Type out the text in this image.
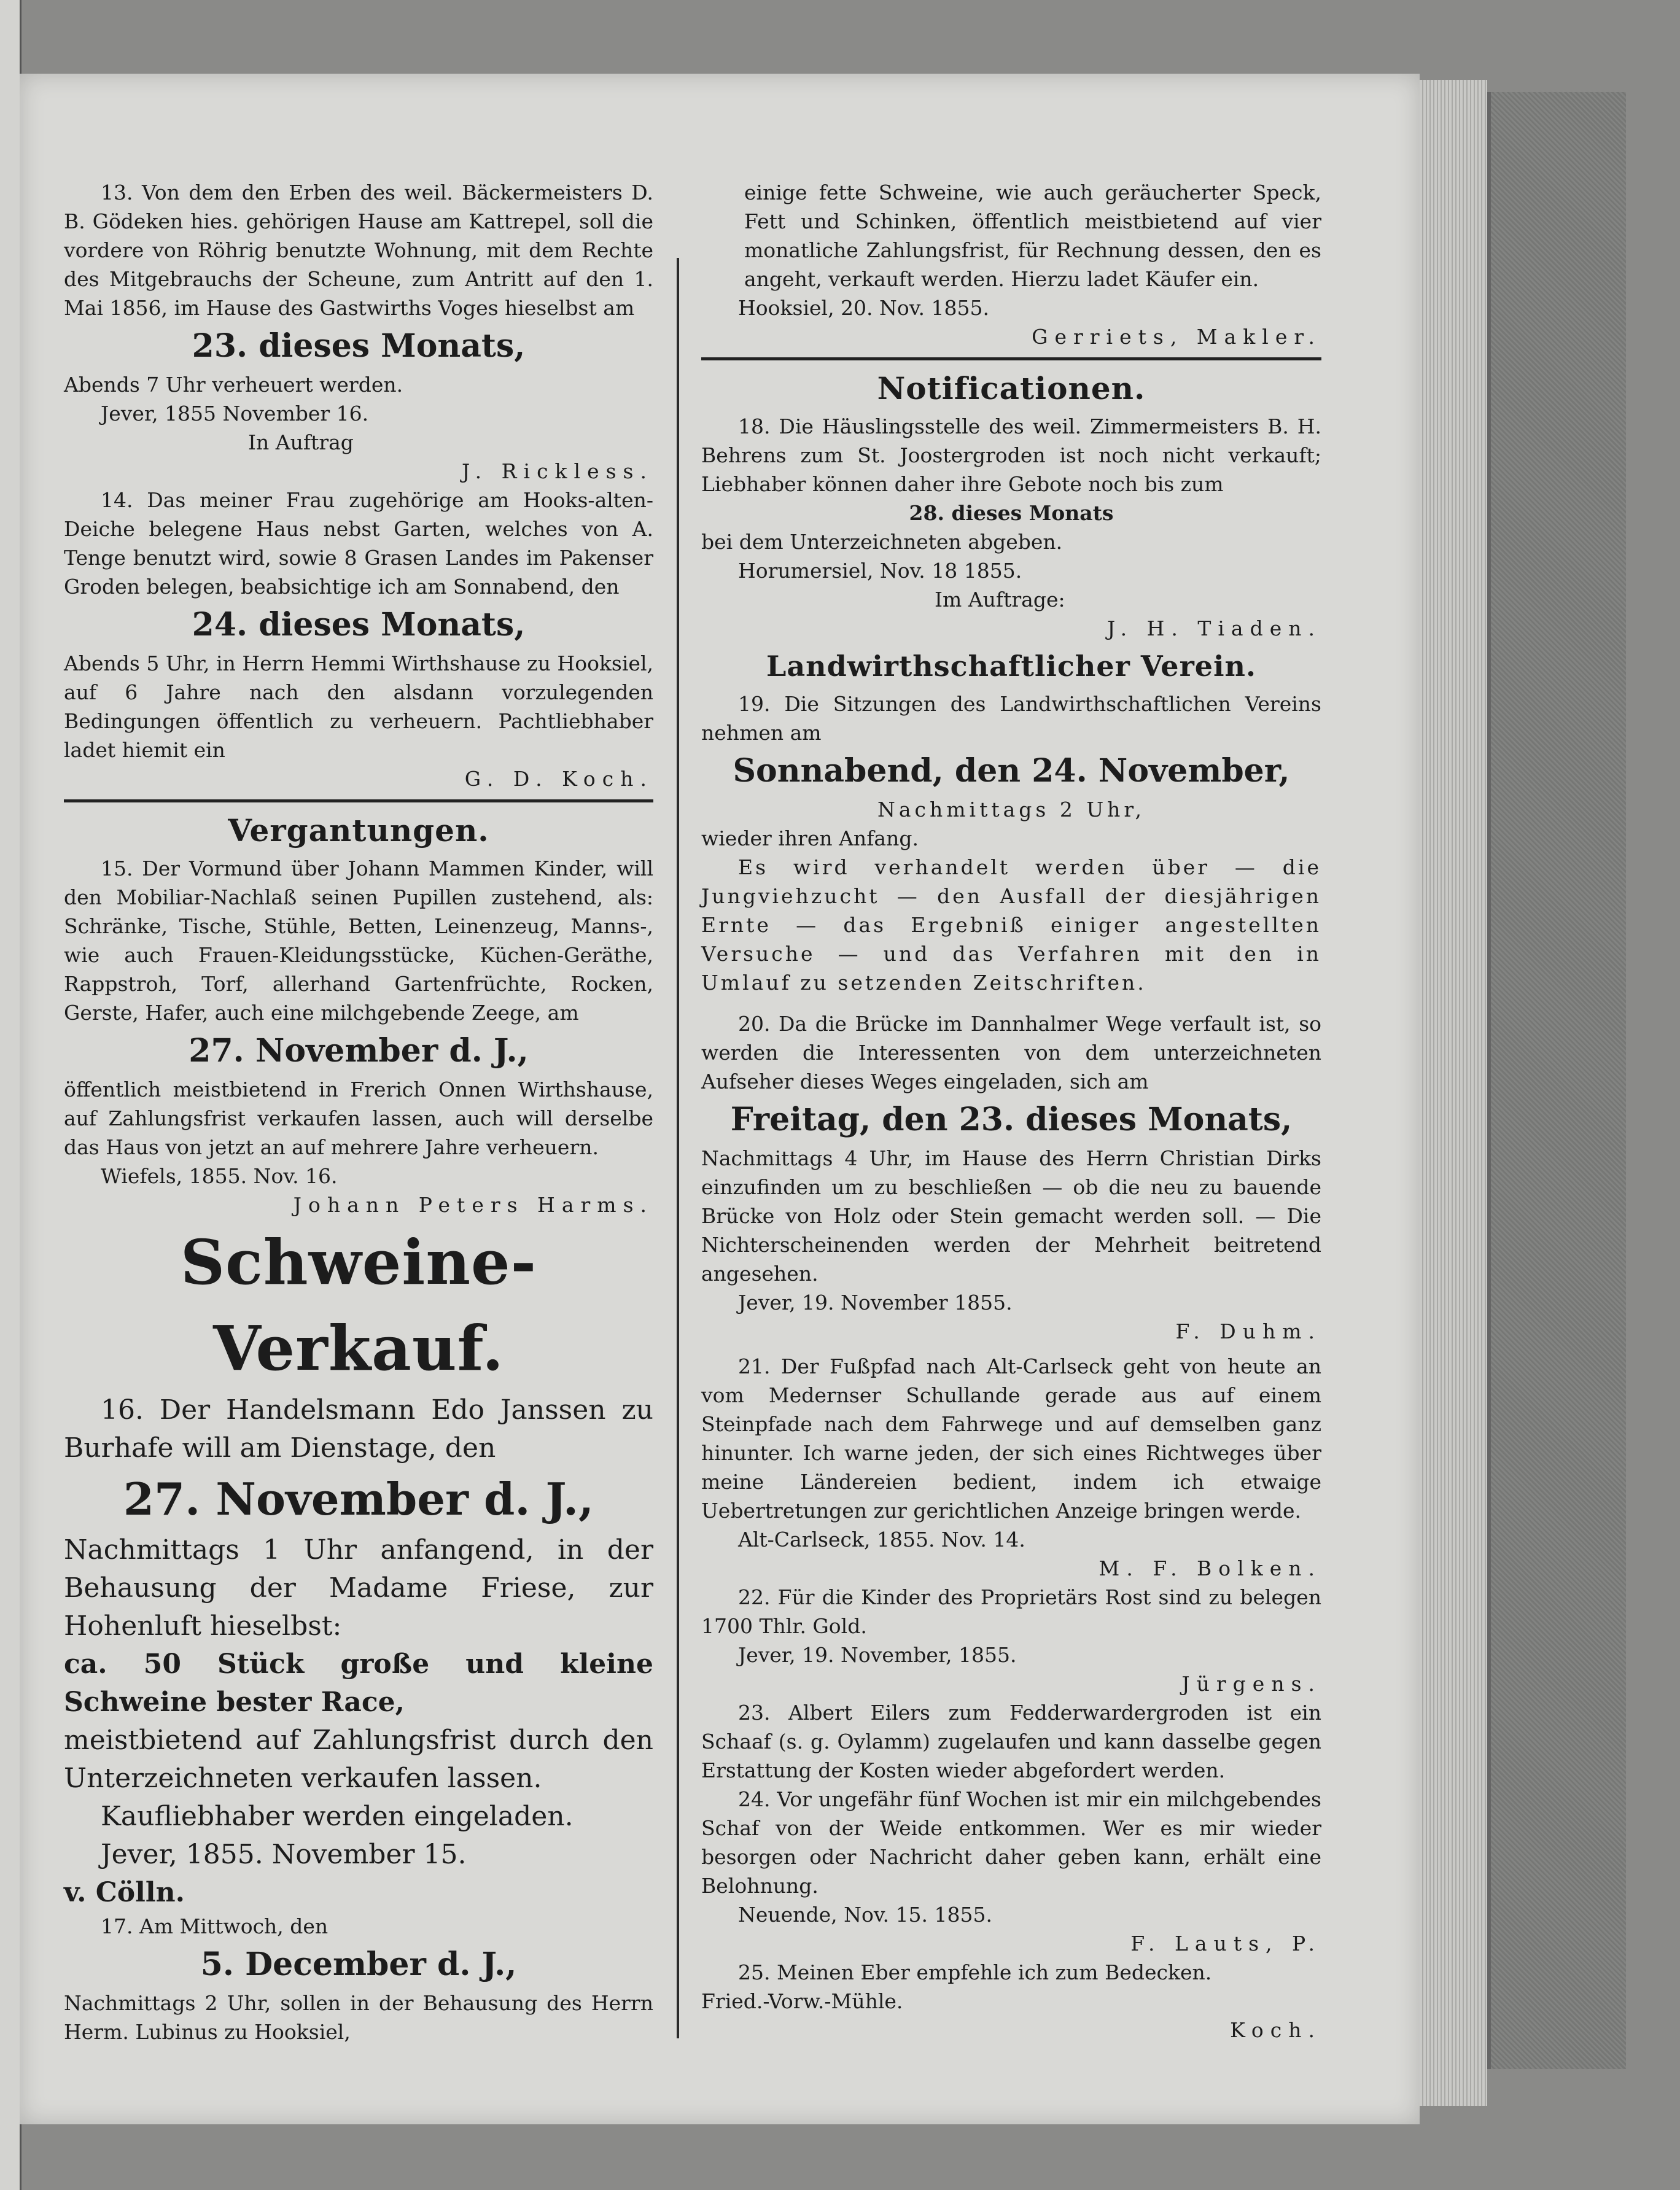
13. Von dem den Erben des weil. Bäckermeisters D. B. Gödeken hies. gehörigen Hause am Kattrepel, soll die vordere von Röhrig benutzte Wohnung, mit dem Rechte des Mitgebrauchs der Scheune, zum Antritt auf den 1. Mai 1856, im Hause des Gastwirths Voges hieselbst am

23. dieses Monats,

Abends 7 Uhr verheuert werden.

Jever, 1855 November 16.

In Auftrag

J. Rickless.

14. Das meiner Frau zugehörige am Hooks-alten-Deiche belegene Haus nebst Garten, welches von A. Tenge benutzt wird, sowie 8 Grasen Landes im Pakenser Groden belegen, beabsichtige ich am Sonnabend, den

24. dieses Monats,

Abends 5 Uhr, in Herrn Hemmi Wirthshause zu Hooksiel, auf 6 Jahre nach den alsdann vorzulegenden Bedingungen öffentlich zu verheuern. Pachtliebhaber ladet hiemit ein

G. D. Koch.

Vergantungen.

15. Der Vormund über Johann Mammen Kinder, will den Mobiliar-Nachlaß seinen Pupillen zustehend, als: Schränke, Tische, Stühle, Betten, Leinenzeug, Manns-, wie auch Frauen-Kleidungsstücke, Küchen-Geräthe, Rappstroh, Torf, allerhand Gartenfrüchte, Rocken, Gerste, Hafer, auch eine milchgebende Zeege, am

27. November d. J.,

öffentlich meistbietend in Frerich Onnen Wirthshause, auf Zahlungsfrist verkaufen lassen, auch will derselbe das Haus von jetzt an auf mehrere Jahre verheuern.

Wiefels, 1855. Nov. 16.

Johann Peters Harms.

Schweine-Verkauf.

16. Der Handelsmann Edo Janssen zu Burhafe will am Dienstage, den

27. November d. J.,

Nachmittags 1 Uhr anfangend, in der Behausung der Madame Friese, zur Hohenluft hieselbst:

ca. 50 Stück große und kleine Schweine bester Race,

meistbietend auf Zahlungsfrist durch den Unterzeichneten verkaufen lassen.

Kaufliebhaber werden eingeladen.

Jever, 1855. November 15.

v. Cölln.

17. Am Mittwoch, den

5. December d. J.,

Nachmittags 2 Uhr, sollen in der Behausung des Herrn Herm. Lubinus zu Hooksiel,

einige fette Schweine, wie auch geräucherter Speck, Fett und Schinken, öffentlich meistbietend auf vier monatliche Zahlungsfrist, für Rechnung dessen, den es angeht, verkauft werden. Hierzu ladet Käufer ein.

Hooksiel, 20. Nov. 1855.

Gerriets, Makler.

Notificationen.

18. Die Häuslingsstelle des weil. Zimmermeisters B. H. Behrens zum St. Joostergroden ist noch nicht verkauft; Liebhaber können daher ihre Gebote noch bis zum

28. dieses Monats

bei dem Unterzeichneten abgeben.

Horumersiel, Nov. 18 1855.

Im Auftrage:

J. H. Tiaden.

Landwirthschaftlicher Verein.

19. Die Sitzungen des Landwirthschaftlichen Vereins nehmen am

Sonnabend, den 24. November,

Nachmittags 2 Uhr,

wieder ihren Anfang.

Es wird verhandelt werden über — die Jungviehzucht — den Ausfall der diesjährigen Ernte — das Ergebniß einiger angestellten Versuche — und das Verfahren mit den in Umlauf zu setzenden Zeitschriften.

20. Da die Brücke im Dannhalmer Wege verfault ist, so werden die Interessenten von dem unterzeichneten Aufseher dieses Weges eingeladen, sich am

Freitag, den 23. dieses Monats,

Nachmittags 4 Uhr, im Hause des Herrn Christian Dirks einzufinden um zu beschließen — ob die neu zu bauende Brücke von Holz oder Stein gemacht werden soll. — Die Nichterscheinenden werden der Mehrheit beitretend angesehen.

Jever, 19. November 1855.

F. Duhm.

21. Der Fußpfad nach Alt-Carlseck geht von heute an vom Medernser Schullande gerade aus auf einem Steinpfade nach dem Fahrwege und auf demselben ganz hinunter. Ich warne jeden, der sich eines Richtweges über meine Ländereien bedient, indem ich etwaige Uebertretungen zur gerichtlichen Anzeige bringen werde.

Alt-Carlseck, 1855. Nov. 14.

M. F. Bolken.

22. Für die Kinder des Proprietärs Rost sind zu belegen 1700 Thlr. Gold.

Jever, 19. November, 1855.

Jürgens.

23. Albert Eilers zum Fedderwardergroden ist ein Schaaf (s. g. Oylamm) zugelaufen und kann dasselbe gegen Erstattung der Kosten wieder abgefordert werden.

24. Vor ungefähr fünf Wochen ist mir ein milchgebendes Schaf von der Weide entkommen. Wer es mir wieder besorgen oder Nachricht daher geben kann, erhält eine Belohnung.

Neuende, Nov. 15. 1855.

F. Lauts, P.

25. Meinen Eber empfehle ich zum Bedecken.

Fried.-Vorw.-Mühle.

Koch.
